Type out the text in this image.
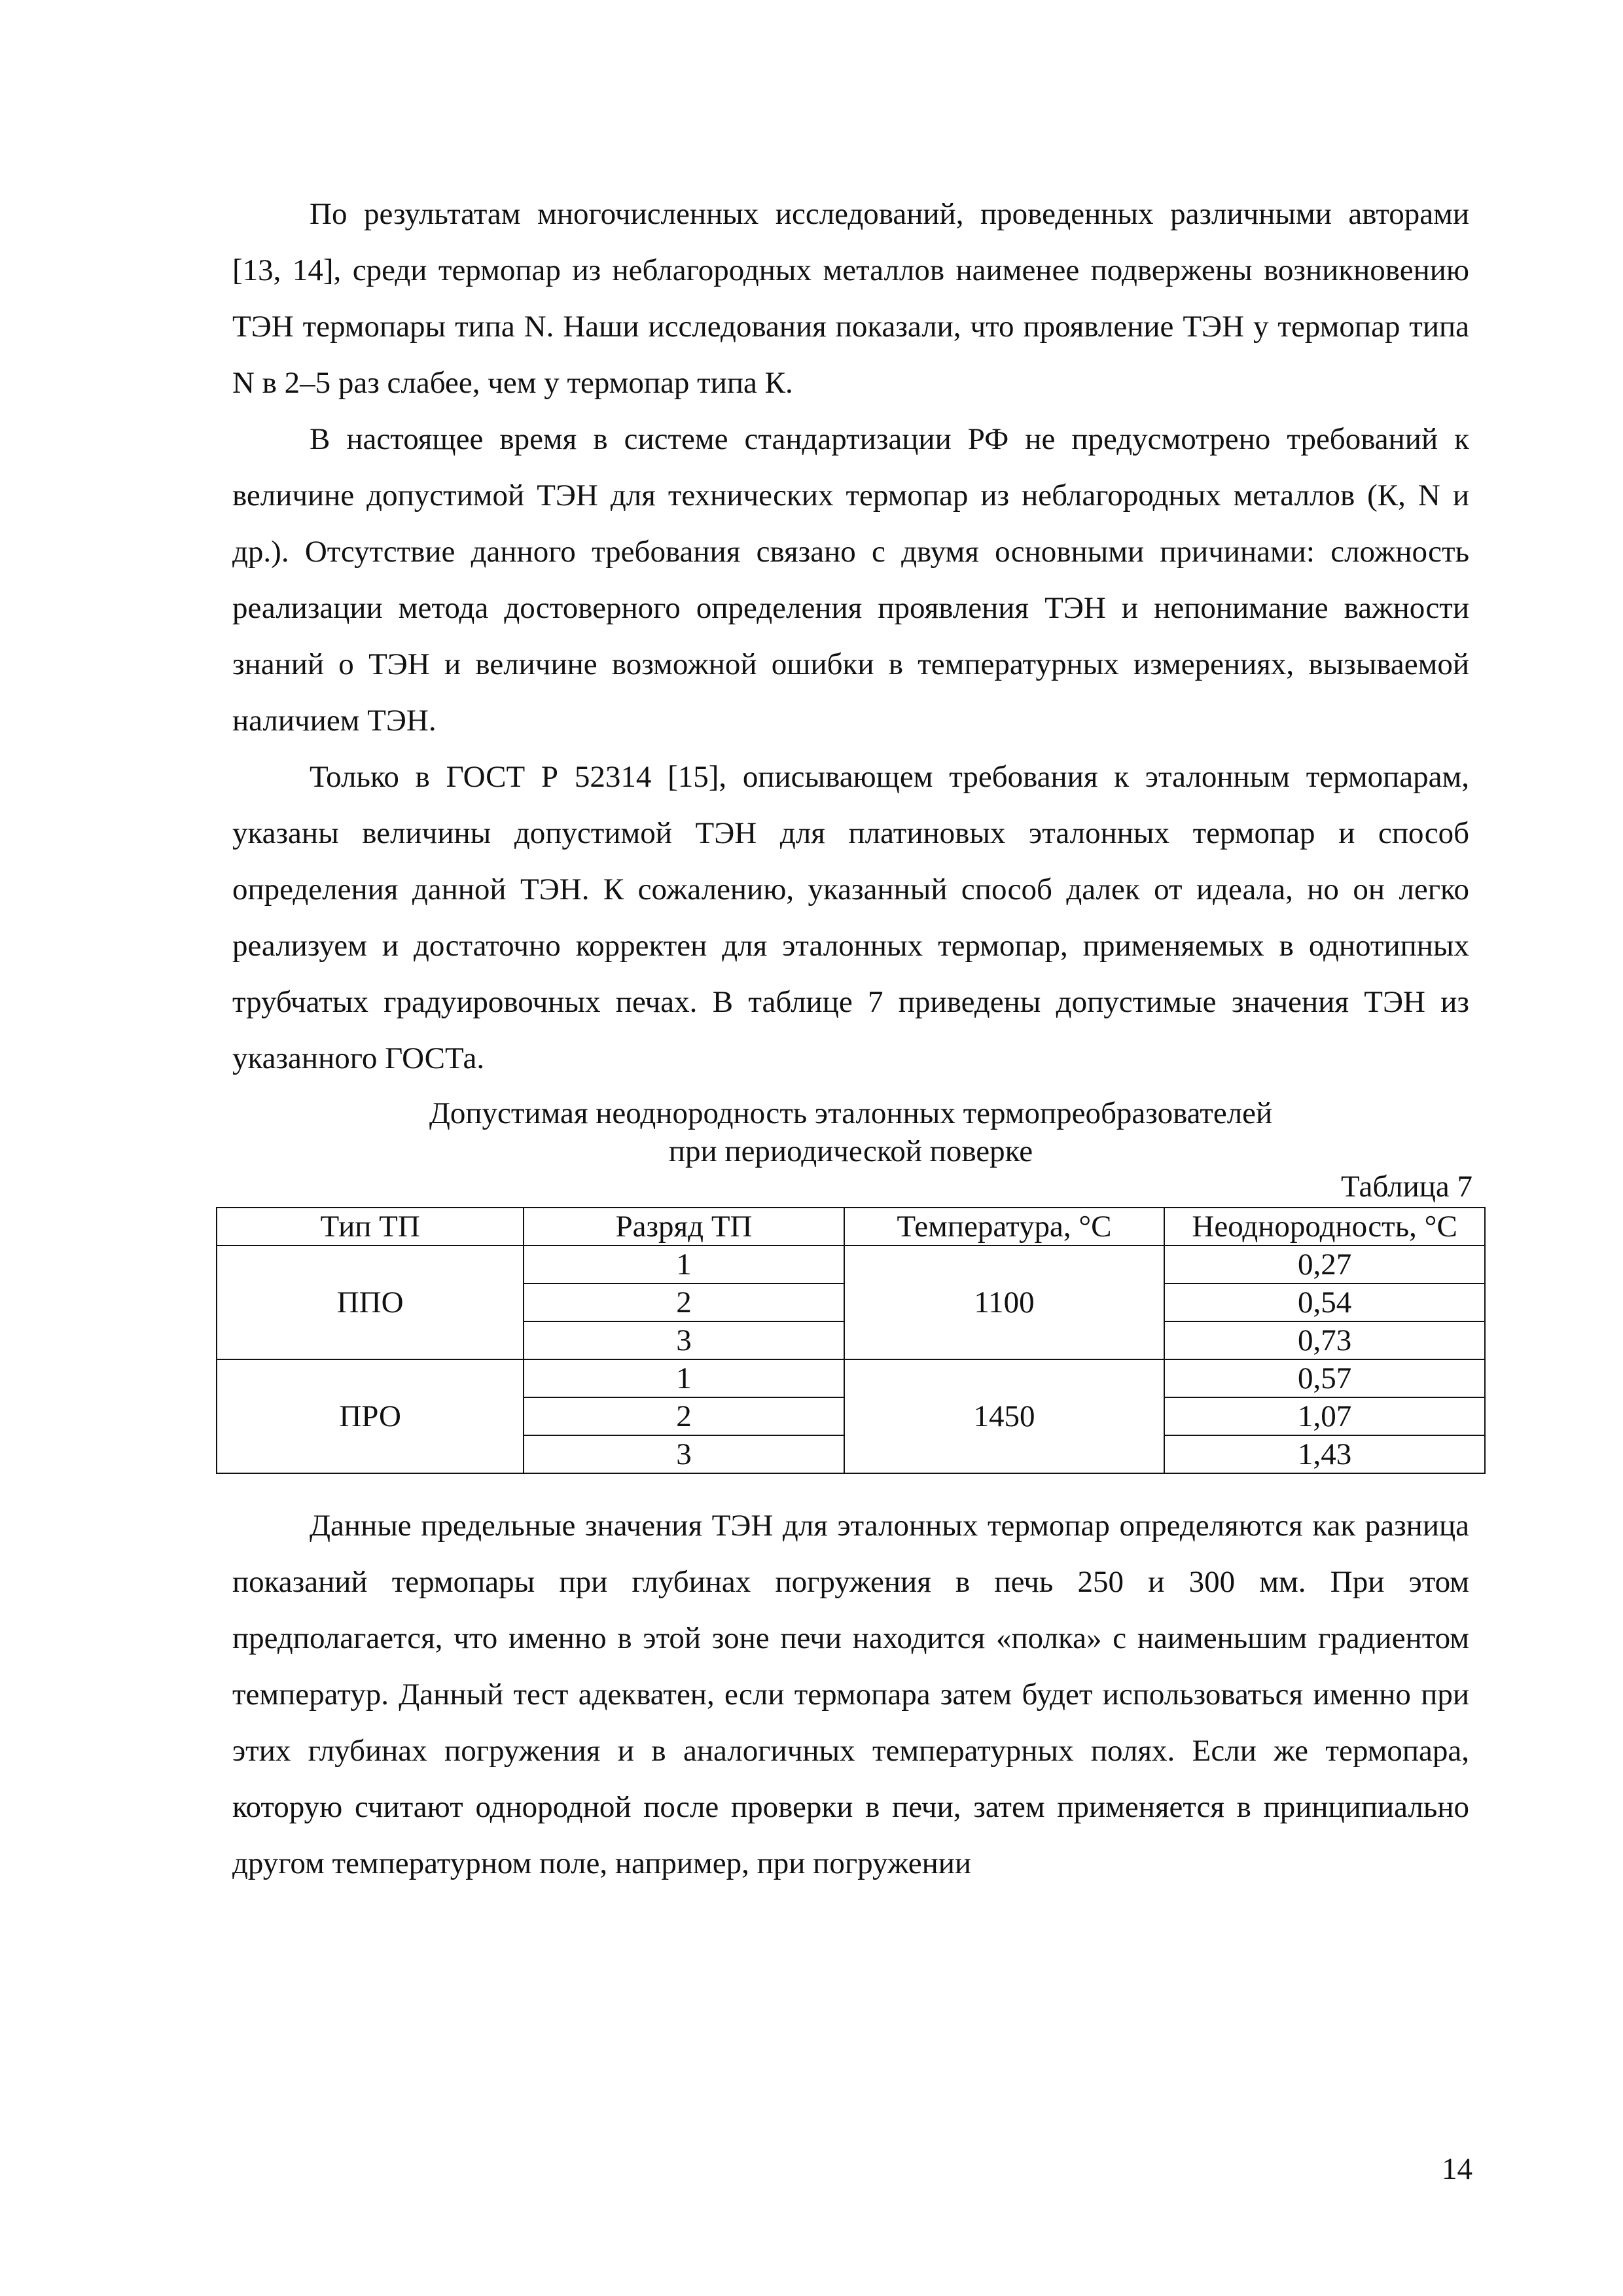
По результатам многочисленных исследований, проведенных различными авторами [13, 14], среди термопар из неблагородных металлов наименее подвержены возникновению ТЭН термопары типа N. Наши исследования показали, что проявление ТЭН у термопар типа N в 2–5 раз слабее, чем у термопар типа К.

В настоящее время в системе стандартизации РФ не предусмотрено требований к величине допустимой ТЭН для технических термопар из неблагородных металлов (К, N и др.). Отсутствие данного требования связано с двумя основными причинами: сложность реализации метода достоверного определения проявления ТЭН и непонимание важности знаний о ТЭН и величине возможной ошибки в температурных измерениях, вызываемой наличием ТЭН.

Только в ГОСТ Р 52314 [15], описывающем требования к эталонным термопарам, указаны величины допустимой ТЭН для платиновых эталонных термопар и способ определения данной ТЭН. К сожалению, указанный способ далек от идеала, но он легко реализуем и достаточно корректен для эталонных термопар, применяемых в однотипных трубчатых градуировочных печах. В таблице 7 приведены допустимые значения ТЭН из указанного ГОСТа.

Допустимая неоднородность эталонных термопреобразователей
при периодической поверке
Таблица 7
Тип ТП	Разряд ТП	Температура, °С	Неоднородность, °С
ППО	1	1100	0,27
	2		0,54
	3		0,73
ПРО	1	1450	0,57
	2		1,07
	3		1,43

Данные предельные значения ТЭН для эталонных термопар определяются как разница показаний термопары при глубинах погружения в печь 250 и 300 мм. При этом предполагается, что именно в этой зоне печи находится «полка» с наименьшим градиентом температур. Данный тест адекватен, если термопара затем будет использоваться именно при этих глубинах погружения и в аналогичных температурных полях. Если же термопара, которую считают однородной после проверки в печи, затем применяется в принципиально другом температурном поле, например, при погружении

14
